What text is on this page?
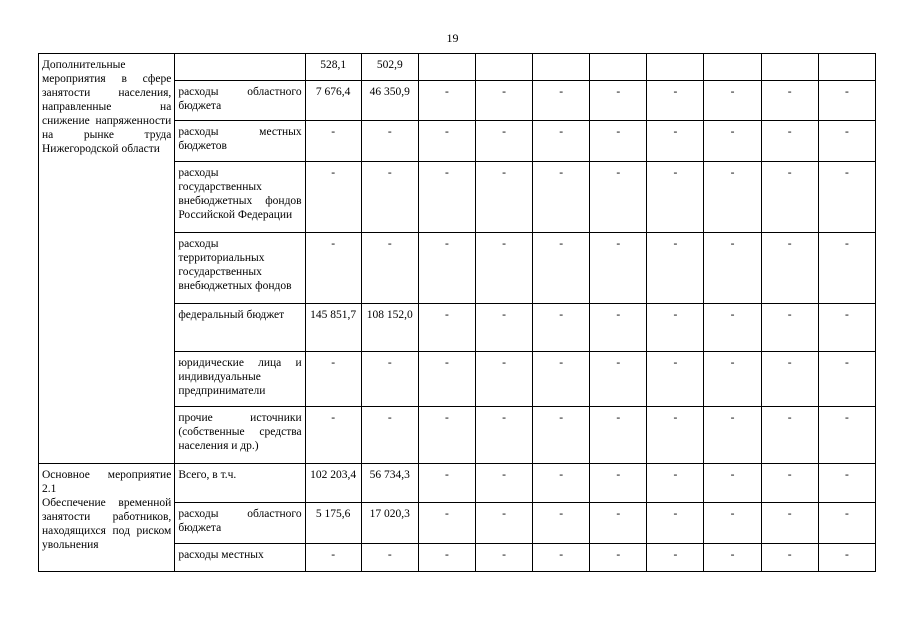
19
Дополнительные мероприятия в сфере занятости населения, направленные на снижение напряженности на рынке труда Нижегородской области		528,1	502,9								
	расходы областного бюджета	7 676,4	46 350,9	-	-	-	-	-	-	-	-
	расходы местных бюджетов	-	-	-	-	-	-	-	-	-	-
	расходы государственных внебюджетных фондов Российской Федерации	-	-	-	-	-	-	-	-	-	-
	расходы территориальных государственных внебюджетных фондов	-	-	-	-	-	-	-	-	-	-
	федеральный бюджет	145 851,7	108 152,0	-	-	-	-	-	-	-	-
	юридические лица и индивидуальные предприниматели	-	-	-	-	-	-	-	-	-	-
	прочие источники (собственные средства населения и др.)	-	-	-	-	-	-	-	-	-	-

Основное мероприятие 2.1
Обеспечение временной занятости работников, находящихся под риском увольнения	Всего, в т.ч.	102 203,4	56 734,3	-	-	-	-	-	-	-	-
	расходы областного бюджета	5 175,6	17 020,3	-	-	-	-	-	-	-	-
	расходы местных	-	-	-	-	-	-	-	-	-	-
